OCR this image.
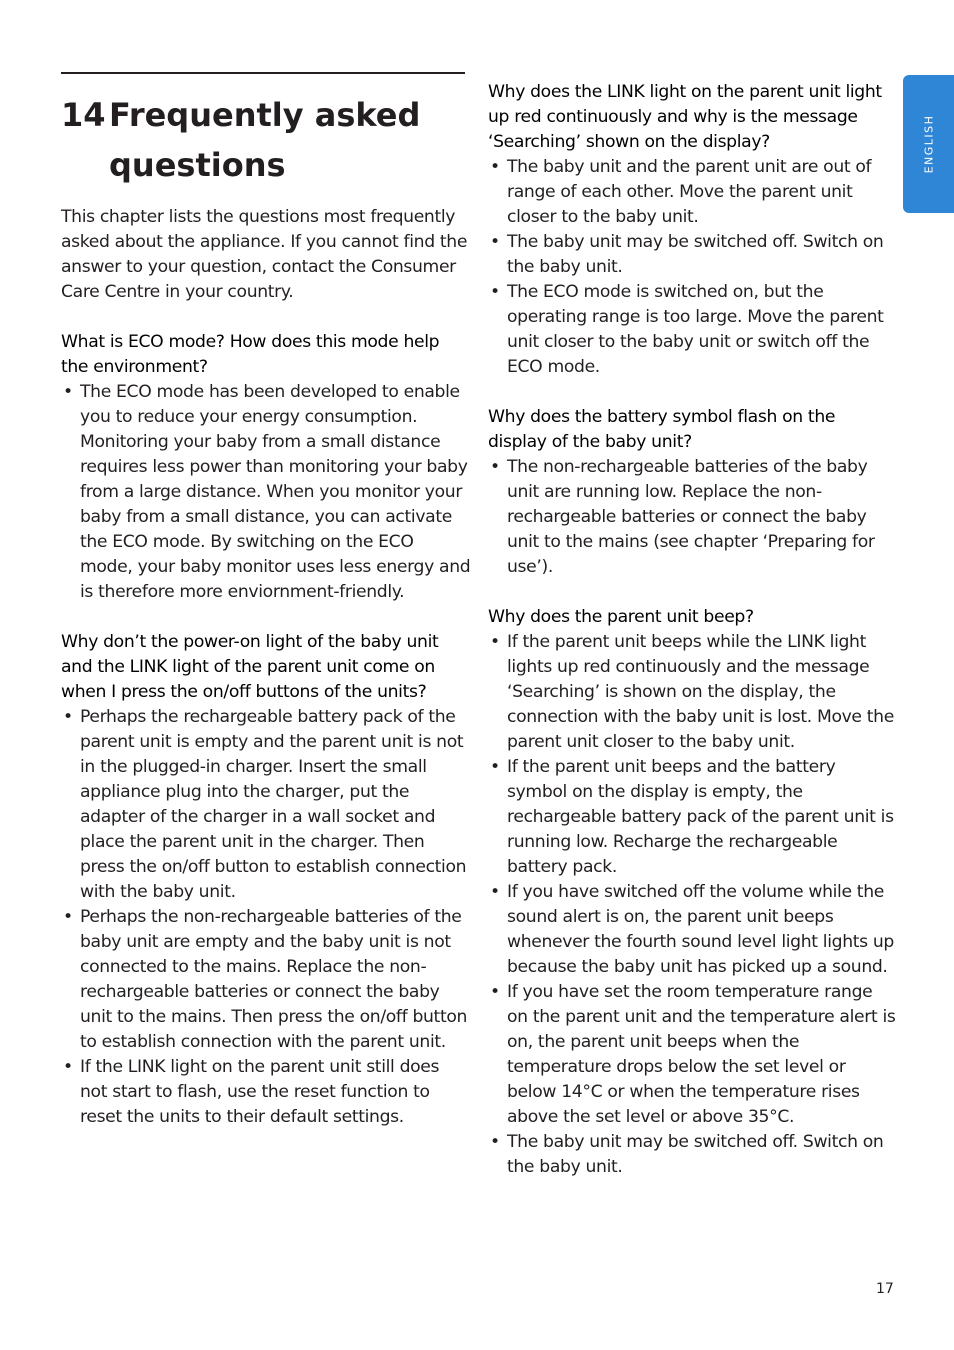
14 Frequently asked
questions

This chapter lists the questions most frequently asked about the appliance. If you cannot find the answer to your question, contact the Consumer Care Centre in your country.

What is ECO mode? How does this mode help the environment?
• The ECO mode has been developed to enable you to reduce your energy consumption. Monitoring your baby from a small distance requires less power than monitoring your baby from a large distance. When you monitor your baby from a small distance, you can activate the ECO mode. By switching on the ECO mode, your baby monitor uses less energy and is therefore more enviornment-friendly.
Why don’t the power-on light of the baby unit and the LINK light of the parent unit come on when I press the on/off buttons of the units?
• Perhaps the rechargeable battery pack of the parent unit is empty and the parent unit is not in the plugged-in charger. Insert the small appliance plug into the charger, put the adapter of the charger in a wall socket and place the parent unit in the charger. Then press the on/off button to establish connection with the baby unit.
• Perhaps the non-rechargeable batteries of the baby unit are empty and the baby unit is not connected to the mains. Replace the non-rechargeable batteries or connect the baby unit to the mains. Then press the on/off button to establish connection with the parent unit.
• If the LINK light on the parent unit still does not start to flash, use the reset function to reset the units to their default settings.
Why does the LINK light on the parent unit light up red continuously and why is the message ‘Searching’ shown on the display?
• The baby unit and the parent unit are out of range of each other. Move the parent unit closer to the baby unit.
• The baby unit may be switched off. Switch on the baby unit.
• The ECO mode is switched on, but the operating range is too large. Move the parent unit closer to the baby unit or switch off the ECO mode.
Why does the battery symbol flash on the display of the baby unit?
• The non-rechargeable batteries of the baby unit are running low. Replace the non-rechargeable batteries or connect the baby unit to the mains (see chapter ‘Preparing for use’).
Why does the parent unit beep?
• If the parent unit beeps while the LINK light lights up red continuously and the message ‘Searching’ is shown on the display, the connection with the baby unit is lost. Move the parent unit closer to the baby unit.
• If the parent unit beeps and the battery symbol on the display is empty, the rechargeable battery pack of the parent unit is running low. Recharge the rechargeable battery pack.
• If you have switched off the volume while the sound alert is on, the parent unit beeps whenever the fourth sound level light lights up because the baby unit has picked up a sound.
• If you have set the room temperature range on the parent unit and the temperature alert is on, the parent unit beeps when the temperature drops below the set level or below 14°C or when the temperature rises above the set level or above 35°C.
• The baby unit may be switched off. Switch on the baby unit.
ENGLISH
17
